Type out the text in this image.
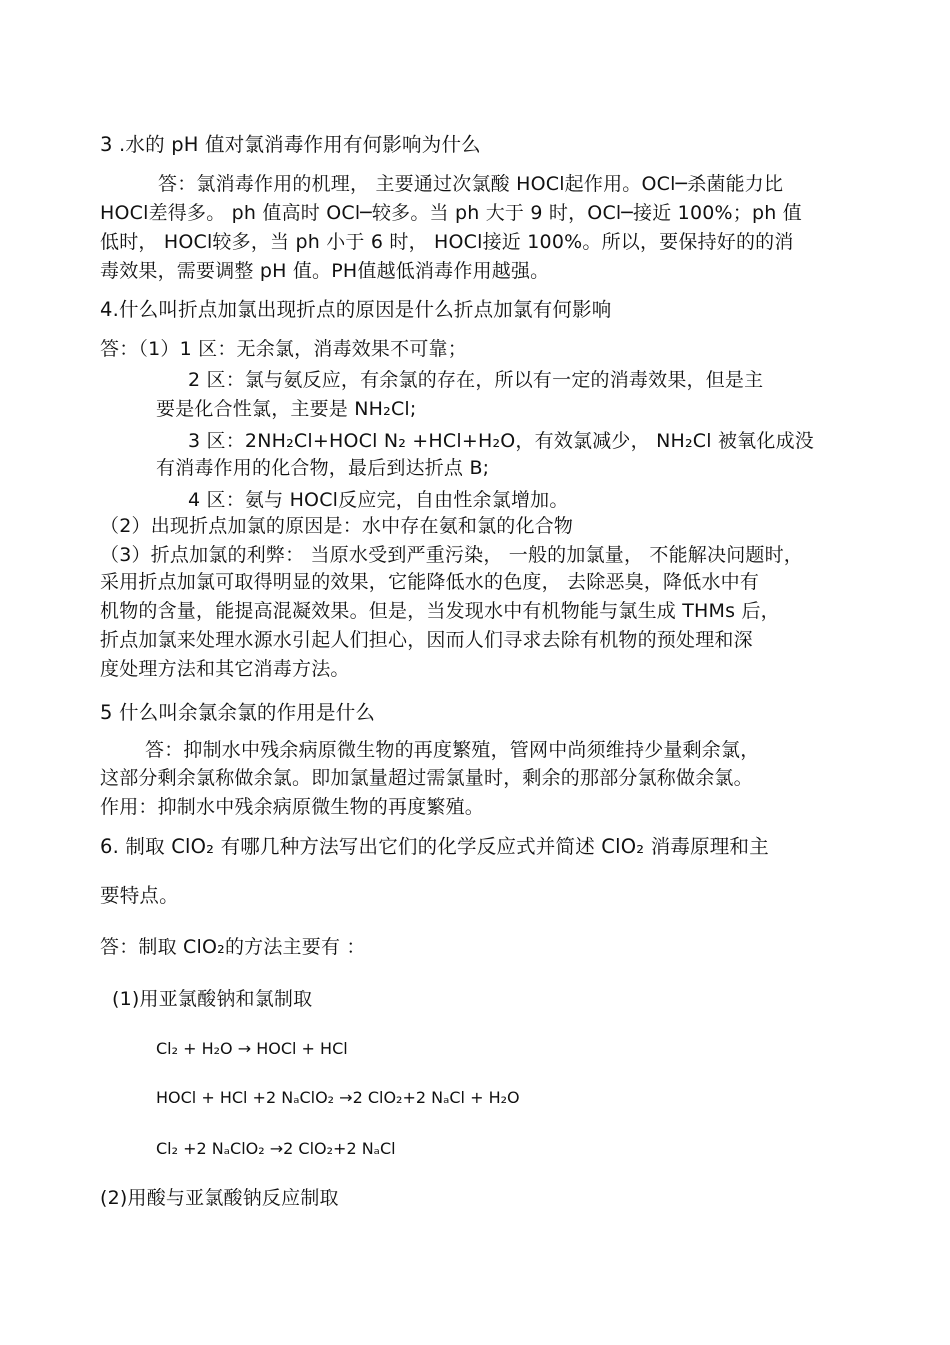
3 .水的 pH 值对氯消毒作用有何影响为什么
答：氯消毒作用的机理， 主要通过次氯酸 HOCl起作用。OCl─杀菌能力比
HOCl差得多。 ph 值高时 OCl─较多。当 ph 大于 9 时，OCl─接近 100%；ph 值
低时， HOCl较多，当 ph 小于 6 时， HOCl接近 100%。所以，要保持好的的消
毒效果，需要调整 pH 值。PH值越低消毒作用越强。
4.什么叫折点加氯出现折点的原因是什么折点加氯有何影响
答：（1）1 区：无余氯，消毒效果不可靠；
2 区：氯与氨反应，有余氯的存在，所以有一定的消毒效果，但是主
要是化合性氯，主要是 NH₂Cl;
3 区：2NH₂Cl+HOCl N₂ +HCl+H₂O，有效氯减少， NH₂Cl 被氧化成没
有消毒作用的化合物，最后到达折点 B;
4 区：氨与 HOCl反应完，自由性余氯增加。
（2）出现折点加氯的原因是：水中存在氨和氯的化合物
（3）折点加氯的利弊： 当原水受到严重污染， 一般的加氯量， 不能解决问题时，
采用折点加氯可取得明显的效果，它能降低水的色度， 去除恶臭，降低水中有
机物的含量，能提高混凝效果。但是，当发现水中有机物能与氯生成 THMs 后，
折点加氯来处理水源水引起人们担心，因而人们寻求去除有机物的预处理和深
度处理方法和其它消毒方法。
5 什么叫余氯余氯的作用是什么
答：抑制水中残余病原微生物的再度繁殖，管网中尚须维持少量剩余氯，
这部分剩余氯称做余氯。即加氯量超过需氯量时，剩余的那部分氯称做余氯。
作用：抑制水中残余病原微生物的再度繁殖。
6. 制取 ClO₂ 有哪几种方法写出它们的化学反应式并简述 ClO₂ 消毒原理和主
要特点。
答：制取 ClO₂的方法主要有 ：
(1)用亚氯酸钠和氯制取
Cl₂ + H₂O → HOCl + HCl
HOCl + HCl +2 NₐClO₂ →2 ClO₂+2 NₐCl + H₂O
Cl₂ +2 NₐClO₂ →2 ClO₂+2 NₐCl
(2)用酸与亚氯酸钠反应制取
